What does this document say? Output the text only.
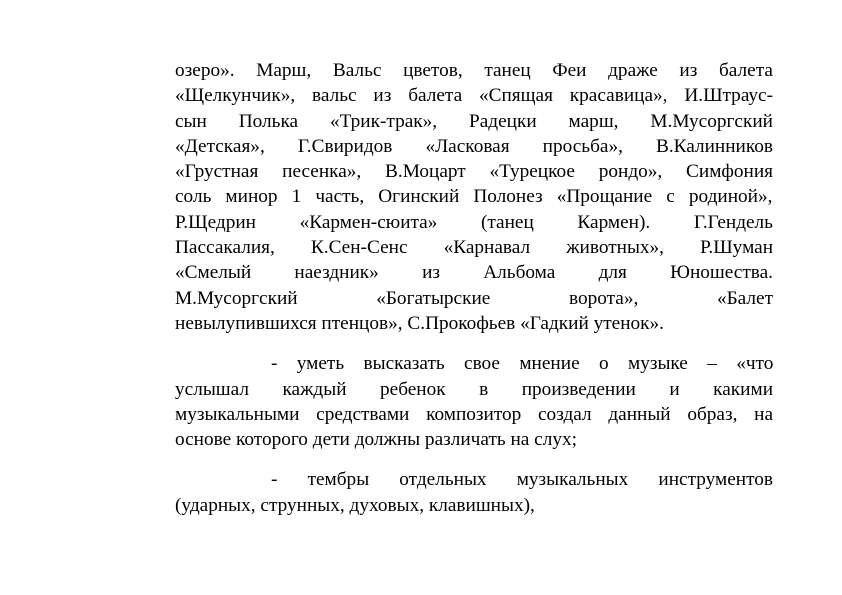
озеро». Марш, Вальс цветов, танец Феи драже из балета
«Щелкунчик», вальс из балета «Спящая красавица», И.Штраус-
сын Полька «Трик-трак», Радецки марш, М.Мусоргский
«Детская», Г.Свиридов «Ласковая просьба», В.Калинников
«Грустная песенка», В.Моцарт «Турецкое рондо», Симфония
соль минор 1 часть, Огинский Полонез «Прощание с родиной»,
Р.Щедрин «Кармен-сюита» (танец Кармен). Г.Гендель
Пассакалия, К.Сен-Сенс «Карнавал животных», Р.Шуман
«Смелый наездник» из Альбома для Юношества.
М.Мусоргский	«Богатырские	ворота»,	«Балет
невылупившихся птенцов», С.Прокофьев «Гадкий утенок».
- уметь высказать свое мнение о музыке – «что
услышал каждый ребенок в произведении и какими
музыкальными средствами композитор создал данный образ, на
основе которого дети должны различать на слух;
- тембры отдельных музыкальных инструментов
(ударных, струнных, духовых, клавишных),
